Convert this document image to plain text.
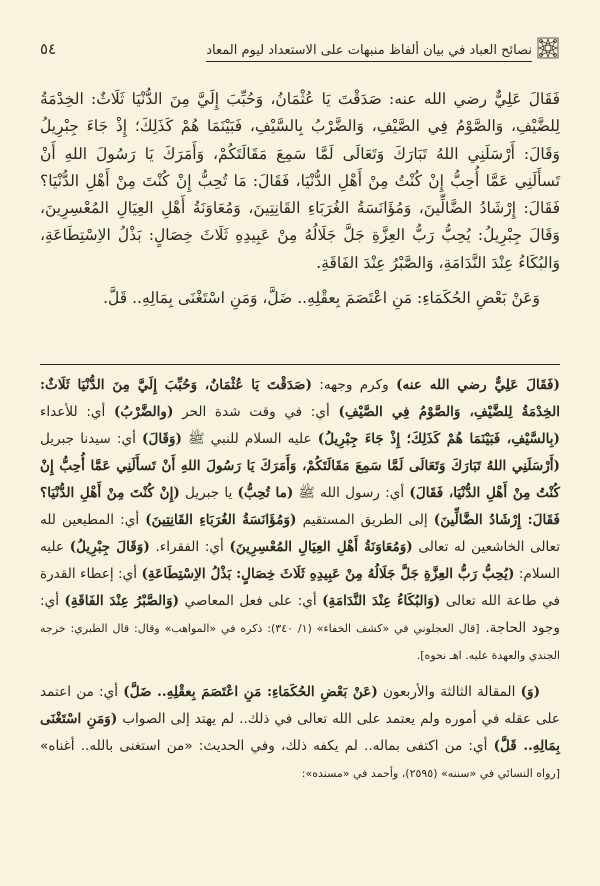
نصائح العباد في بيان ألفاظ منبهات على الاستعداد ليوم المعاد
٥٤

فَقَالَ عَلِيٌّ رضي الله عنه: صَدَقْتَ يَا عُثْمَانُ، وَحُبِّبَ إِلَيَّ مِنَ الدُّنْيَا ثَلَاثٌ: الخِدْمَةُ لِلضَّيْفِ، وَالصَّوْمُ فِي الصَّيْفِ، وَالضَّرْبُ بِالسَّيْفِ، فَبَيْنَمَا هُمْ كَذَلِكَ؛ إِذْ جَاءَ جِبْرِيلُ وَقَالَ: أَرْسَلَنِي اللهُ تَبَارَكَ وَتَعَالَى لَمَّا سَمِعَ مَقَالَتَكُمْ، وَأَمَرَكَ يَا رَسُولَ اللهِ أَنْ تَسأَلَنِي عَمَّا أُحِبُّ إِنْ كُنْتُ مِنْ أَهْلِ الدُّنْيَا، فَقَالَ: مَا تُحِبُّ إِنْ كُنْتَ مِنْ أَهْلِ الدُّنْيَا؟ فَقَالَ: إِرْشَادُ الضَّالِّينَ، وَمُؤَانَسَةُ الغُرَبَاءِ القَانِتِينَ، وَمُعَاوَنَةُ أَهْلِ العِيَالِ المُعْسِرِينَ، وَقَالَ جِبْرِيلُ: يُحِبُّ رَبُّ العِزَّةِ جَلَّ جَلَالُهُ مِنْ عَبِيدِهِ ثَلَاثَ خِصَالٍ: بَذْلُ الاِسْتِطَاعَةِ، وَالبُكَاءُ عِنْدَ النَّدَامَةِ، وَالصَّبْرُ عِنْدَ الفَاقَةِ.

وَعَنْ بَعْضِ الحُكَمَاءِ: مَنِ اعْتَصَمَ بِعقْلِهِ.. ضَلَّ، وَمَنِ اسْتَغْنَى بِمَالِهِ.. قَلَّ.

(فَقَالَ عَلِيٌّ رضي الله عنه) وكرم وجهه: (صَدَقْتَ يَا عُثْمَانُ، وَحُبِّبَ إِلَيَّ مِنَ الدُّنْيَا ثَلَاثٌ: الخِدْمَةُ لِلضَّيْفِ، وَالصَّوْمُ فِي الصَّيْفِ) أي: في وقت شدة الحر (والضَّرْبُ) أي: للأعداء (بِالسَّيْفِ، فَبَيْنَمَا هُمْ كَذَلِكَ؛ إِذْ جَاءَ جِبْرِيلُ) عليه السلام للنبي ﷺ (وَقَالَ) أي: سيدنا جبريل (أَرْسَلَنِي اللهُ تَبَارَكَ وَتَعَالَى لَمَّا سَمِعَ مَقَالَتَكُمْ، وَأَمَرَكَ يَا رَسُولَ اللهِ أَنْ تَسأَلَنِي عَمَّا أُحِبُّ إِنْ كُنْتُ مِنْ أَهْلِ الدُّنْيَا، فَقَالَ) أي: رسول الله ﷺ (ما تُحِبُّ) يا جبريل (إِنْ كُنْتَ مِنْ أَهْلِ الدُّنْيَا؟ فَقَالَ: إِرْشَادُ الضَّالِّينَ) إلى الطريق المستقيم (وَمُؤَانَسَةُ الغُرَبَاءِ القَانِتِينَ) أي: المطيعين لله تعالى الخاشعين له تعالى (وَمُعَاوَنَةُ أَهْلِ العِيَالِ المُعْسِرِينَ) أي: الفقراء. (وَقَالَ جِبْرِيلُ) عليه السلام: (يُحِبُّ رَبُّ العِزَّةِ جَلَّ جَلَالُهُ مِنْ عَبِيدِهِ ثَلَاثَ خِصَالٍ: بَذْلُ الاِسْتِطَاعَةِ) أي: إعطاء القدرة في طاعة الله تعالى (وَالبُكَاءُ عِنْدَ النَّدَامَةِ) أي: على فعل المعاصي (وَالصَّبْرُ عِنْدَ الفَاقَةِ) أي: وجود الحاجة. [قال العجلوني في «كشف الخفاء» (١/ ٣٤٠): ذكره في «المواهب» وقال: قال الطبري: خرجه الجندي والعهدة عليه. اهـ نحوه].

(وَ) المقالة الثالثة والأربعون (عَنْ بَعْضِ الحُكَمَاءِ: مَنِ اعْتَصَمَ بِعقْلِهِ.. ضَلَّ) أي: من اعتمد على عقله في أموره ولم يعتمد على الله تعالى في ذلك.. لم يهتد إلى الصواب (وَمَنِ اسْتَغْنَى بِمَالِهِ.. قَلَّ) أي: من اكتفى بماله.. لم يكفه ذلك، وفي الحديث: «من استغنى بالله.. أغناه» [رواه النسائي في «سننه» (٢٥٩٥)، وأحمد في «مسنده»:
